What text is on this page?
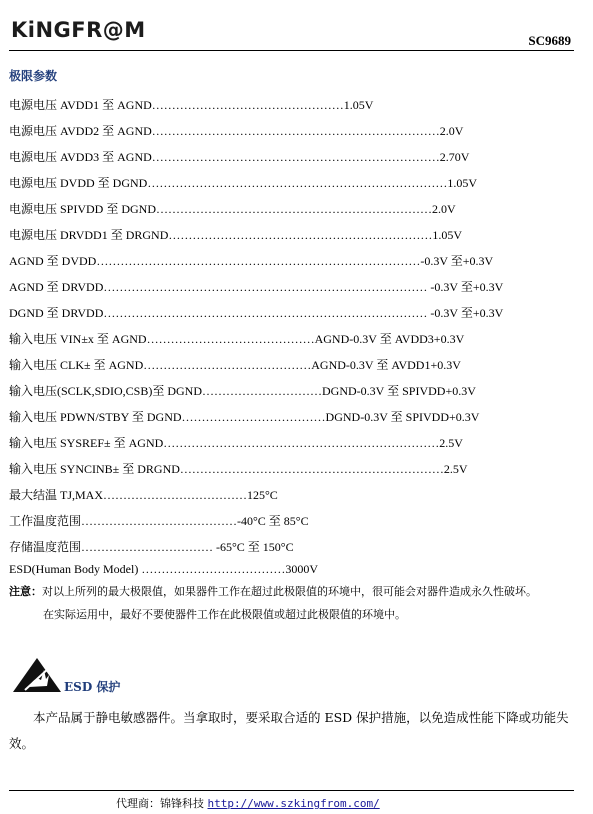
KiNGFR@M	SC9689
极限参数
电源电压 AVDD1 至 AGND…………………………………………1.05V
电源电压 AVDD2 至 AGND………………………………………………………………2.0V
电源电压 AVDD3 至 AGND………………………………………………………………2.70V
电源电压 DVDD 至 DGND…………………………………………………………………1.05V
电源电压 SPIVDD 至 DGND……………………………………………………………2.0V
电源电压 DRVDD1 至 DRGND…………………………………………………………1.05V
AGND 至 DVDD………………………………………………………………………-0.3V 至+0.3V
AGND 至 DRVDD……………………………………………………………………… -0.3V 至+0.3V
DGND 至 DRVDD……………………………………………………………………… -0.3V 至+0.3V
输入电压 VIN±x 至 AGND……………………………………AGND-0.3V 至 AVDD3+0.3V
输入电压 CLK± 至 AGND……………………………………AGND-0.3V 至 AVDD1+0.3V
输入电压(SCLK,SDIO,CSB)至 DGND…………………………DGND-0.3V 至 SPIVDD+0.3V
输入电压 PDWN/STBY 至 DGND………………………………DGND-0.3V 至 SPIVDD+0.3V
输入电压 SYSREF± 至 AGND……………………………………………………………2.5V
输入电压 SYNCINB± 至 DRGND…………………………………………………………2.5V
最大结温 TJ,MAX………………………………125°C
工作温度范围…………………………………-40°C 至 85°C
存储温度范围…………………………… -65°C 至 150°C
ESD(Human Body Model) ………………………………3000V
注意：对以上所列的最大极限值，如果器件工作在超过此极限值的环境中，很可能会对器件造成永久性破坏。
在实际运用中，最好不要使器件工作在此极限值或超过此极限值的环境中。
ESD 保护
本产品属于静电敏感器件。当拿取时，要采取合适的 ESD 保护措施，以免造成性能下降或功能失效。
代理商：锦锋科技 http://www.szkingfrom.com/
